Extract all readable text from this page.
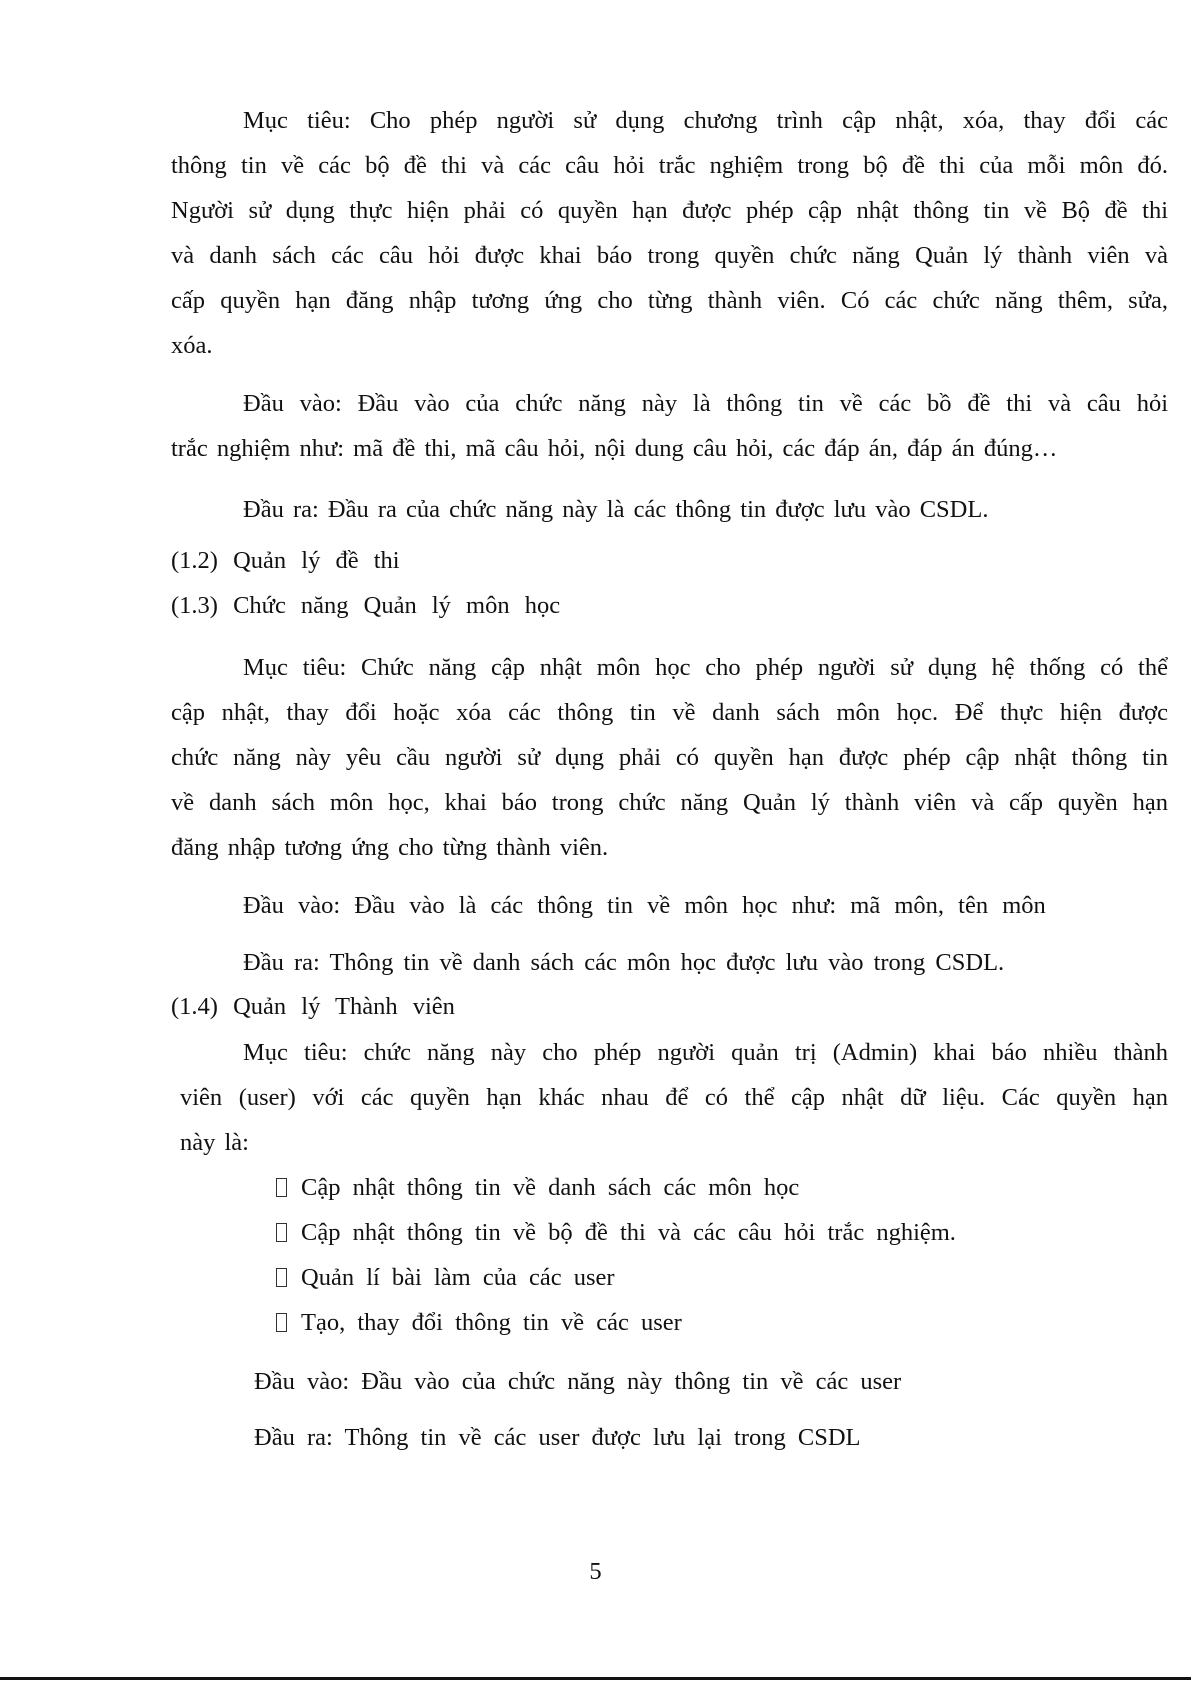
Mục tiêu: Cho phép người sử dụng chương trình cập nhật, xóa, thay đổi các
thông tin về các bộ đề thi và các câu hỏi trắc nghiệm trong bộ đề thi của mỗi môn đó.
Người sử dụng thực hiện phải có quyền hạn được phép cập nhật thông tin về Bộ đề thi
và danh sách các câu hỏi được khai báo trong quyền chức năng Quản lý thành viên và
cấp quyền hạn đăng nhập tương ứng cho từng thành viên. Có các chức năng thêm, sửa,
xóa.

Đầu vào: Đầu vào của chức năng này là thông tin về các bồ đề thi và câu hỏi
trắc nghiệm như: mã đề thi, mã câu hỏi, nội dung câu hỏi, các đáp án, đáp án đúng…

Đầu ra: Đầu ra của chức năng này là các thông tin được lưu vào CSDL.

(1.2) Quản lý đề thi

(1.3) Chức năng Quản lý môn học

Mục tiêu: Chức năng cập nhật môn học cho phép người sử dụng hệ thống có thể
cập nhật, thay đổi hoặc xóa các thông tin về danh sách môn học. Để thực hiện được
chức năng này yêu cầu người sử dụng phải có quyền hạn được phép cập nhật thông tin
về danh sách môn học, khai báo trong chức năng Quản lý thành viên và cấp quyền hạn
đăng nhập tương ứng cho từng thành viên.

Đầu vào: Đầu vào là các thông tin về môn học như: mã môn, tên môn

Đầu ra: Thông tin về danh sách các môn học được lưu vào trong CSDL.

(1.4) Quản lý Thành viên

Mục tiêu: chức năng này cho phép người quản trị (Admin) khai báo nhiều thành
viên (user) với các quyền hạn khác nhau để có thể cập nhật dữ liệu. Các quyền hạn
này là:

Cập nhật thông tin về danh sách các môn học
Cập nhật thông tin về bộ đề thi và các câu hỏi trắc nghiệm.
Quản lí bài làm của các user
Tạo, thay đổi thông tin về các user

Đầu vào: Đầu vào của chức năng này thông tin về các user

Đầu ra: Thông tin về các user được lưu lại trong CSDL

5
